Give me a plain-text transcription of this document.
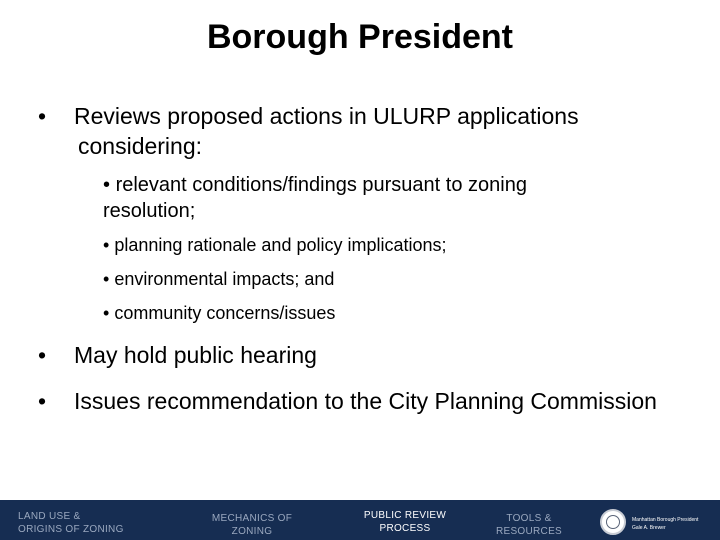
Borough President
• Reviews proposed actions in ULURP applications considering:
• relevant conditions/findings pursuant to zoning resolution;
• planning rationale and policy implications;
• environmental impacts; and
• community concerns/issues
• May hold public hearing
• Issues recommendation to the City Planning Commission
LAND USE &
ORIGINS OF ZONING
MECHANICS OF
ZONING
PUBLIC REVIEW
PROCESS
TOOLS &
RESOURCES
Manhattan Borough President
Gale A. Brewer
